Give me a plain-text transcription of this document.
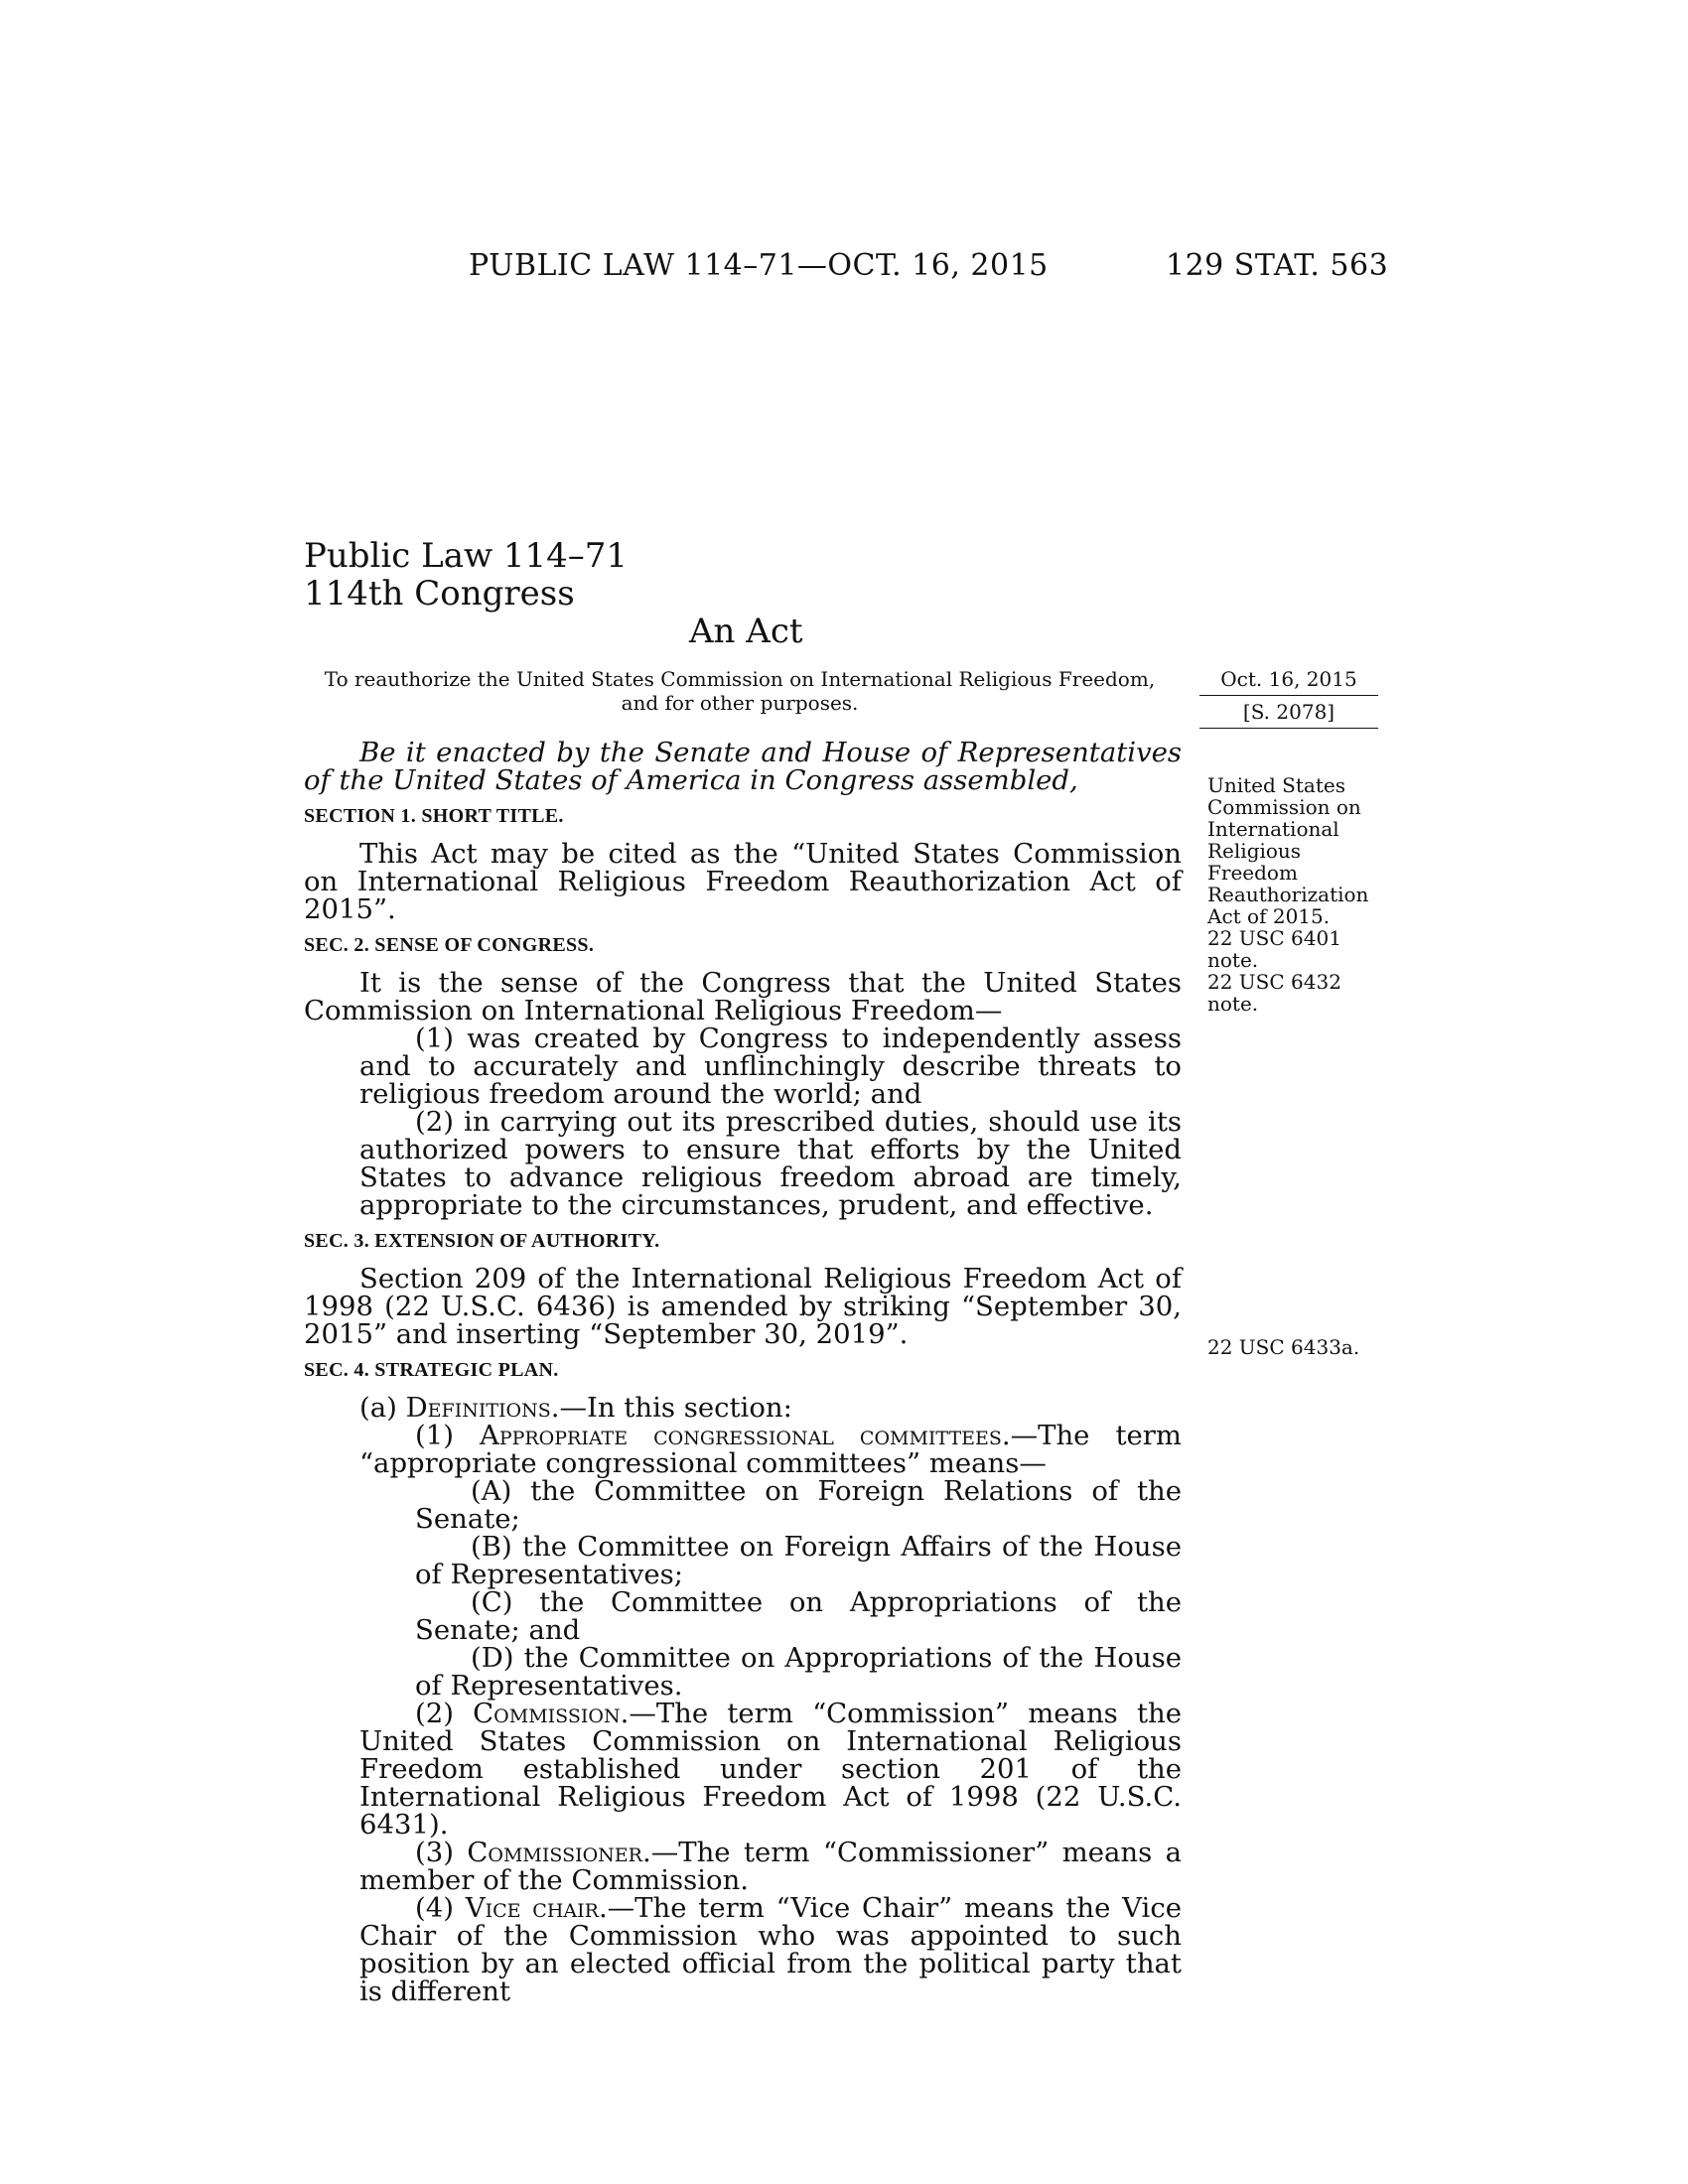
PUBLIC LAW 114–71—OCT. 16, 2015	129 STAT. 563
Public Law 114–71
114th Congress
An Act
To reauthorize the United States Commission on International Religious Freedom, and for other purposes.
Oct. 16, 2015
[S. 2078]
United States
Commission on
International
Religious
Freedom
Reauthorization
Act of 2015.
22 USC 6401
note.
22 USC 6432
note.
22 USC 6433a.

Be it enacted by the Senate and House of Representatives of the United States of America in Congress assembled,

SECTION 1. SHORT TITLE.

This Act may be cited as the “United States Commission on International Religious Freedom Reauthorization Act of 2015”.

SEC. 2. SENSE OF CONGRESS.

It is the sense of the Congress that the United States Commission on International Religious Freedom—

(1) was created by Congress to independently assess and to accurately and unflinchingly describe threats to religious freedom around the world; and

(2) in carrying out its prescribed duties, should use its authorized powers to ensure that efforts by the United States to advance religious freedom abroad are timely, appropriate to the circumstances, prudent, and effective.

SEC. 3. EXTENSION OF AUTHORITY.

Section 209 of the International Religious Freedom Act of 1998 (22 U.S.C. 6436) is amended by striking “September 30, 2015” and inserting “September 30, 2019”.

SEC. 4. STRATEGIC PLAN.

(a) Definitions.—In this section:

(1) Appropriate congressional committees.—The term “appropriate congressional committees” means—

(A) the Committee on Foreign Relations of the Senate;

(B) the Committee on Foreign Affairs of the House of Representatives;

(C) the Committee on Appropriations of the Senate; and

(D) the Committee on Appropriations of the House of Representatives.

(2) Commission.—The term “Commission” means the United States Commission on International Religious Freedom established under section 201 of the International Religious Freedom Act of 1998 (22 U.S.C. 6431).

(3) Commissioner.—The term “Commissioner” means a member of the Commission.

(4) Vice chair.—The term “Vice Chair” means the Vice Chair of the Commission who was appointed to such position by an elected official from the political party that is different
